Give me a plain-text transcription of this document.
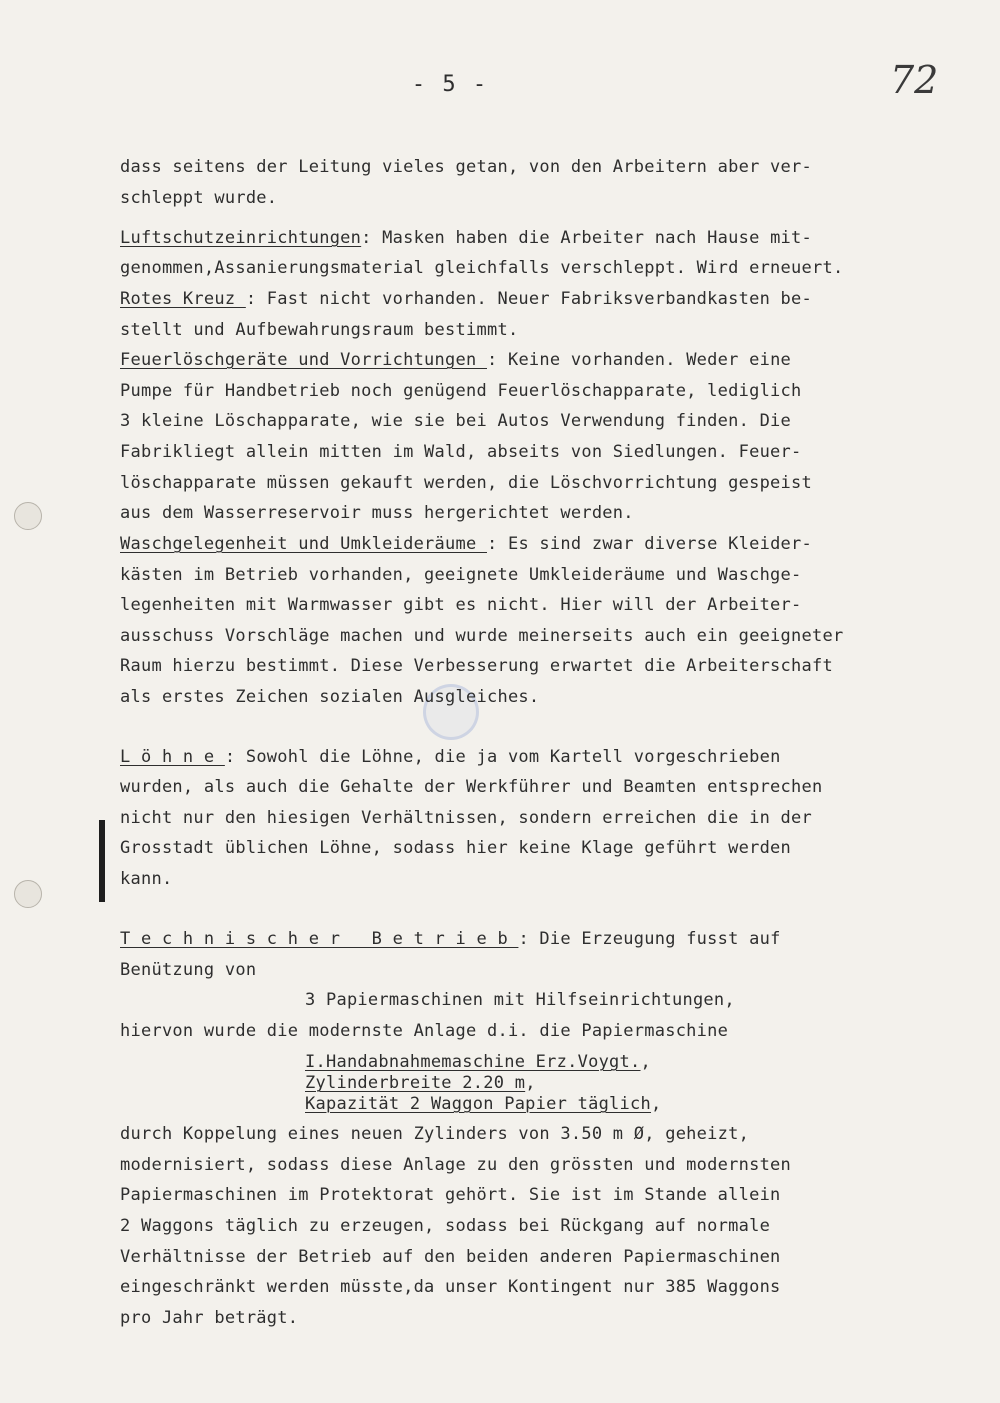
- 5 -	72
dass seitens der Leitung vieles getan, von den Arbeitern aber ver-
schleppt wurde.
Luftschutzeinrichtungen: Masken haben die Arbeiter nach Hause mit-
genommen,Assanierungsmaterial gleichfalls verschleppt. Wird erneuert.
Rotes Kreuz : Fast nicht vorhanden. Neuer Fabriksverbandkasten be-
stellt und Aufbewahrungsraum bestimmt.
Feuerlöschgeräte und Vorrichtungen : Keine vorhanden. Weder eine
Pumpe für Handbetrieb noch genügend Feuerlöschapparate, lediglich
3 kleine Löschapparate, wie sie bei Autos Verwendung finden. Die
Fabrikliegt allein mitten im Wald, abseits von Siedlungen. Feuer-
löschapparate müssen gekauft werden, die Löschvorrichtung gespeist
aus dem Wasserreservoir muss hergerichtet werden.
Waschgelegenheit und Umkleideräume : Es sind zwar diverse Kleider-
kästen im Betrieb vorhanden, geeignete Umkleideräume und Waschge-
legenheiten mit Warmwasser gibt es nicht. Hier will der Arbeiter-
ausschuss Vorschläge machen und wurde meinerseits auch ein geeigneter
Raum hierzu bestimmt. Diese Verbesserung erwartet die Arbeiterschaft
als erstes Zeichen sozialen Ausgleiches.
L ö h n e : Sowohl die Löhne, die ja vom Kartell vorgeschrieben
wurden, als auch die Gehalte der Werkführer und Beamten entsprechen
nicht nur den hiesigen Verhältnissen, sondern erreichen die in der
Grosstadt üblichen Löhne, sodass hier keine Klage geführt werden
kann.
T e c h n i s c h e r   B e t r i e b : Die Erzeugung fusst auf
Benützung von
3 Papiermaschinen mit Hilfseinrichtungen,
hiervon wurde die modernste Anlage d.i. die Papiermaschine
I.Handabnahmemaschine Erz.Voygt.,
Zylinderbreite 2.20 m,
Kapazität 2 Waggon Papier täglich,
durch Koppelung eines neuen Zylinders von 3.50 m Ø, geheizt,
modernisiert, sodass diese Anlage zu den grössten und modernsten
Papiermaschinen im Protektorat gehört. Sie ist im Stande allein
2 Waggons täglich zu erzeugen, sodass bei Rückgang auf normale
Verhältnisse der Betrieb auf den beiden anderen Papiermaschinen
eingeschränkt werden müsste,da unser Kontingent nur 385 Waggons
pro Jahr beträgt.
